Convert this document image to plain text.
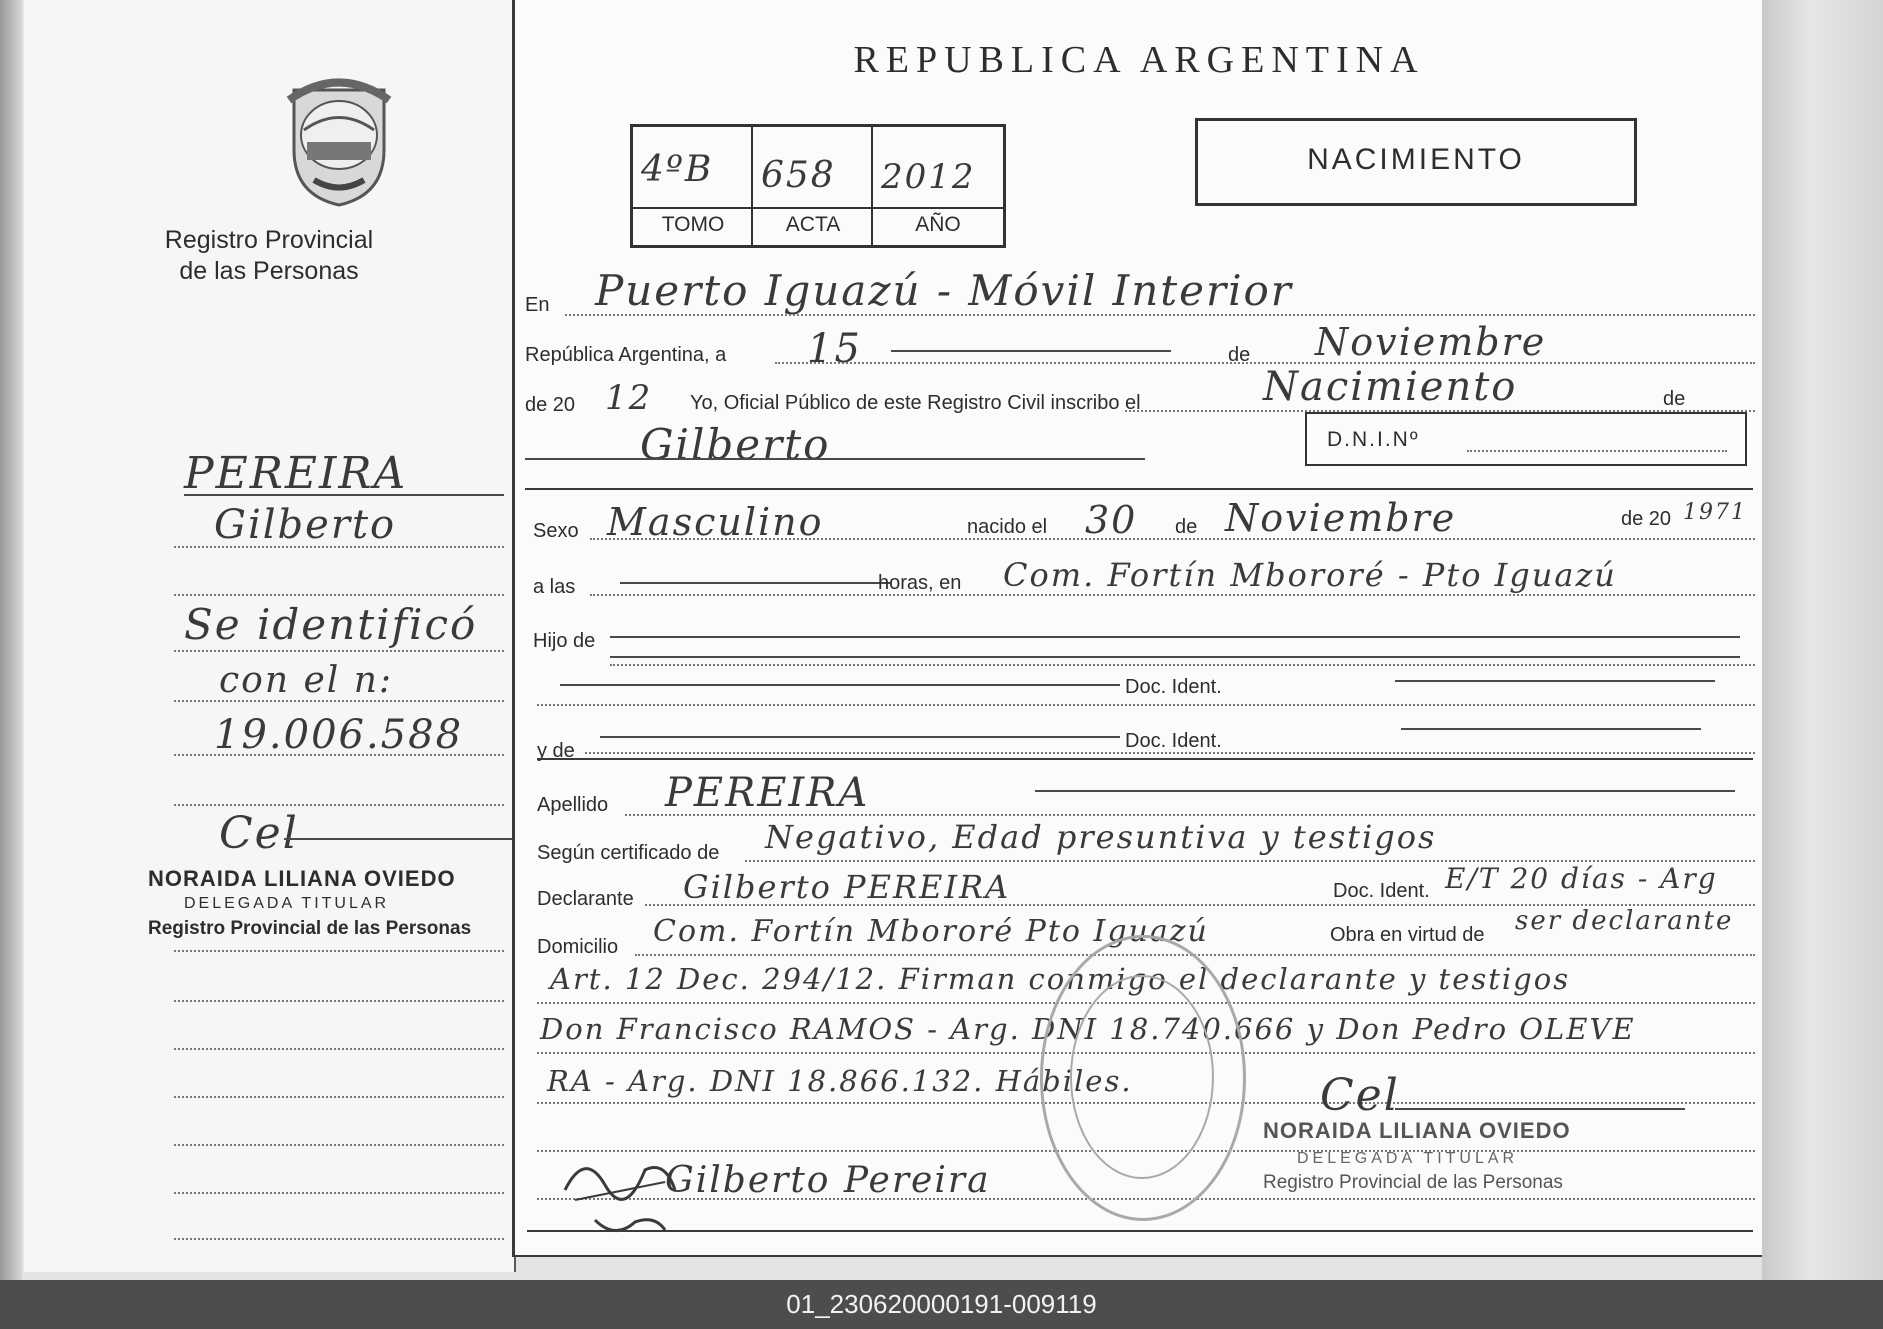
Registro Provincial
de las Personas
PEREIRA
Gilberto
Se identificó
con el n:
19.006.588
Cel
NORAIDA LILIANA OVIEDO
DELEGADA TITULAR
Registro Provincial de las Personas
REPUBLICA ARGENTINA
4ºB 658 2012
TOMO	ACTA	AÑO
NACIMIENTO
En Puerto Iguazú - Móvil Interior
República Argentina, a 15	de Noviembre
de 20 12 Yo, Oficial Público de este Registro Civil inscribo el	Nacimiento	de
Gilberto	D.N.I.Nº
Sexo Masculino	nacido el 30 de Noviembre	de 20 1971
a las	horas, en Com. Fortín Mbororé - Pto Iguazú
Hijo de
Doc. Ident.
y de	Doc. Ident.
Apellido PEREIRA
Según certificado de Negativo, Edad presuntiva y testigos
Declarante Gilberto PEREIRA	Doc. Ident. E/T 20 días - Arg
Domicilio Com. Fortín Mbororé Pto Iguazú	Obra en virtud de ser declarante
Art. 12 Dec. 294/12. Firman conmigo el declarante y testigos
Don Francisco RAMOS - Arg. DNI 18.740.666 y Don Pedro OLEVE
RA - Arg. DNI 18.866.132. Hábiles.
Gilberto Pereira
Cel
NORAIDA LILIANA OVIEDO
DELEGADA TITULAR
Registro Provincial de las Personas
01_230620000191-009119
